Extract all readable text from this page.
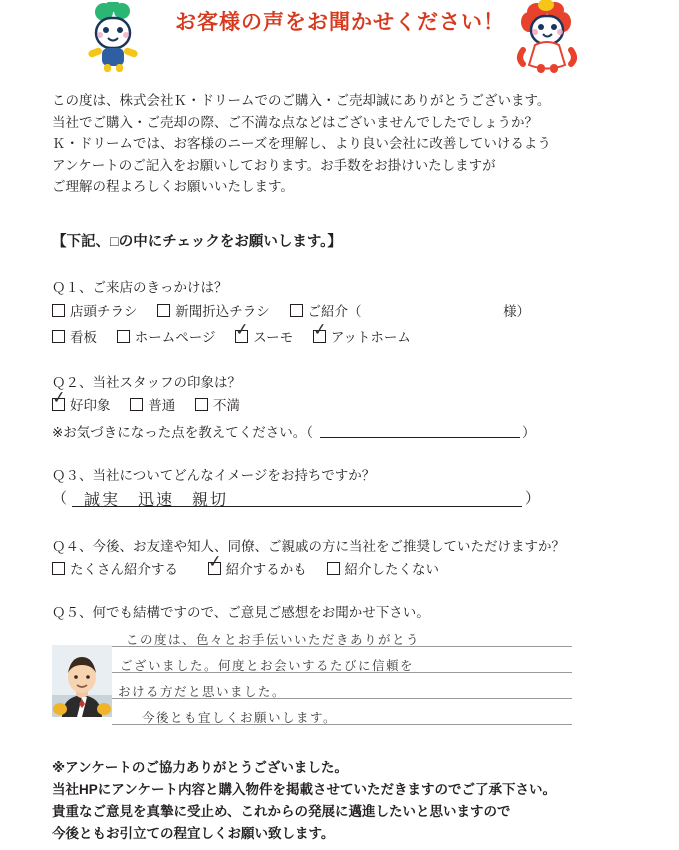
お客様の声をお聞かせください！
この度は、株式会社Ｋ・ドリームでのご購入・ご売却誠にありがとうございます。
当社でご購入・ご売却の際、ご不満な点などはございませんでしたでしょうか？
Ｋ・ドリームでは、お客様のニーズを理解し、より良い会社に改善していけるよう
アンケートのご記入をお願いしております。お手数をお掛けいたしますが
ご理解の程よろしくお願いいたします。
【下記、□の中にチェックをお願いします。】
Ｑ１、ご来店のきっかけは？
店頭チラシ	新聞折込チラシ	ご紹介（	様）
看板	ホームページ ✓ スーモ ✓ アットホーム
Ｑ２、当社スタッフの印象は？
✓ 好印象	普通	不満
※お気づきになった点を教えてください。（	）
Ｑ３、当社についてどんなイメージをお持ちですか？
（ 誠実　迅速　親切	）
Ｑ４、今後、お友達や知人、同僚、ご親戚の方に当社をご推奨していただけますか？
たくさん紹介する ✓ 紹介するかも	紹介したくない
Ｑ５、何でも結構ですので、ご意見ご感想をお聞かせ下さい。
この度は、色々とお手伝いいただきありがとう
ございました。何度とお会いするたびに信頼を
おける方だと思いました。
今後とも宜しくお願いします。
※アンケートのご協力ありがとうございました。
当社HPにアンケート内容と購入物件を掲載させていただきますのでご了承下さい。
貴重なご意見を真摯に受止め、これからの発展に邁進したいと思いますので
今後ともお引立ての程宜しくお願い致します。
